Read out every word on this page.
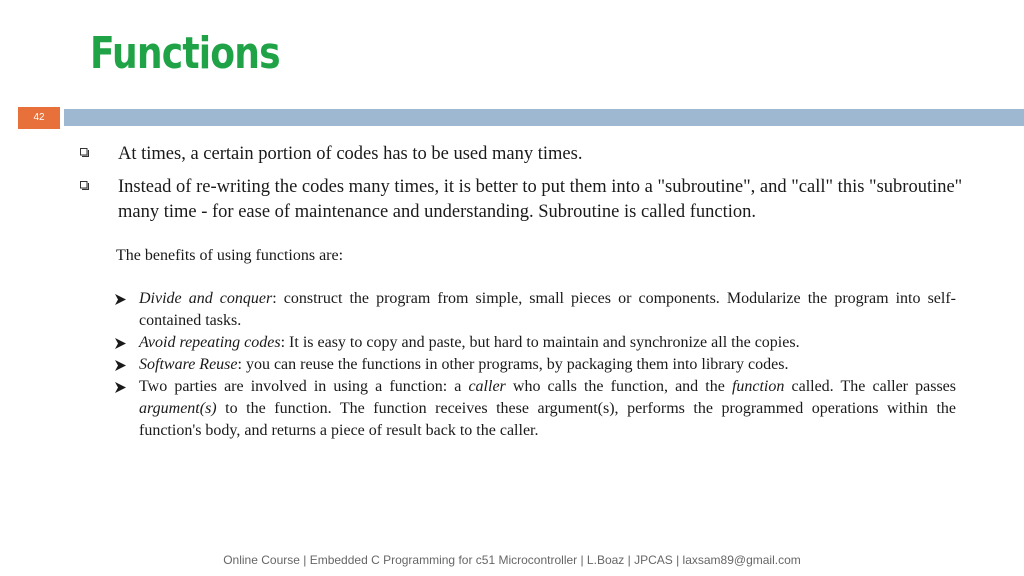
Functions
42
At times, a certain portion of codes has to be used many times.
Instead of re-writing the codes many times, it is better to put them into a "subroutine", and "call" this "subroutine" many time - for ease of maintenance and understanding. Subroutine is called function.
The benefits of using functions are:
Divide and conquer: construct the program from simple, small pieces or components. Modularize the program into self-contained tasks.
Avoid repeating codes: It is easy to copy and paste, but hard to maintain and synchronize all the copies.
Software Reuse: you can reuse the functions in other programs, by packaging them into library codes.
Two parties are involved in using a function: a caller who calls the function, and the function called. The caller passes argument(s) to the function. The function receives these argument(s), performs the programmed operations within the function's body, and returns a piece of result back to the caller.
Online Course | Embedded C Programming for c51 Microcontroller | L.Boaz | JPCAS | laxsam89@gmail.com
